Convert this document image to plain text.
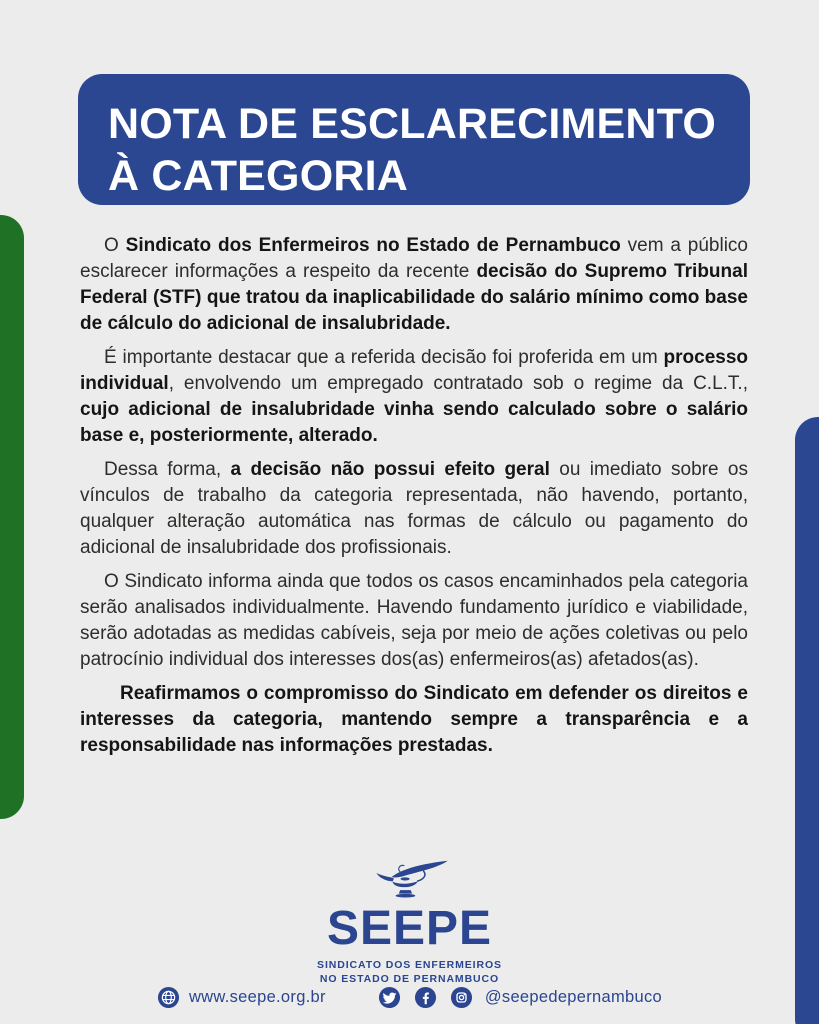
NOTA DE ESCLARECIMENTO
À CATEGORIA

O Sindicato dos Enfermeiros no Estado de Pernambuco vem a público esclarecer informações a respeito da recente decisão do Supremo Tribunal Federal (STF) que tratou da inaplicabilidade do salário mínimo como base de cálculo do adicional de insalubridade.

É importante destacar que a referida decisão foi proferida em um processo individual, envolvendo um empregado contratado sob o regime da C.L.T., cujo adicional de insalubridade vinha sendo calculado sobre o salário base e, posteriormente, alterado.

Dessa forma, a decisão não possui efeito geral ou imediato sobre os vínculos de trabalho da categoria representada, não havendo, portanto, qualquer alteração automática nas formas de cálculo ou pagamento do adicional de insalubridade dos profissionais.

O Sindicato informa ainda que todos os casos encaminhados pela categoria serão analisados individualmente. Havendo fundamento jurídico e viabilidade, serão adotadas as medidas cabíveis, seja por meio de ações coletivas ou pelo patrocínio individual dos interesses dos(as) enfermeiros(as) afetados(as).

Reafirmamos o compromisso do Sindicato em defender os direitos e interesses da categoria, mantendo sempre a transparência e a responsabilidade nas informações prestadas.

SEEPE
SINDICATO DOS ENFERMEIROS
NO ESTADO DE PERNAMBUCO
www.seepe.org.br	@seepedepernambuco
